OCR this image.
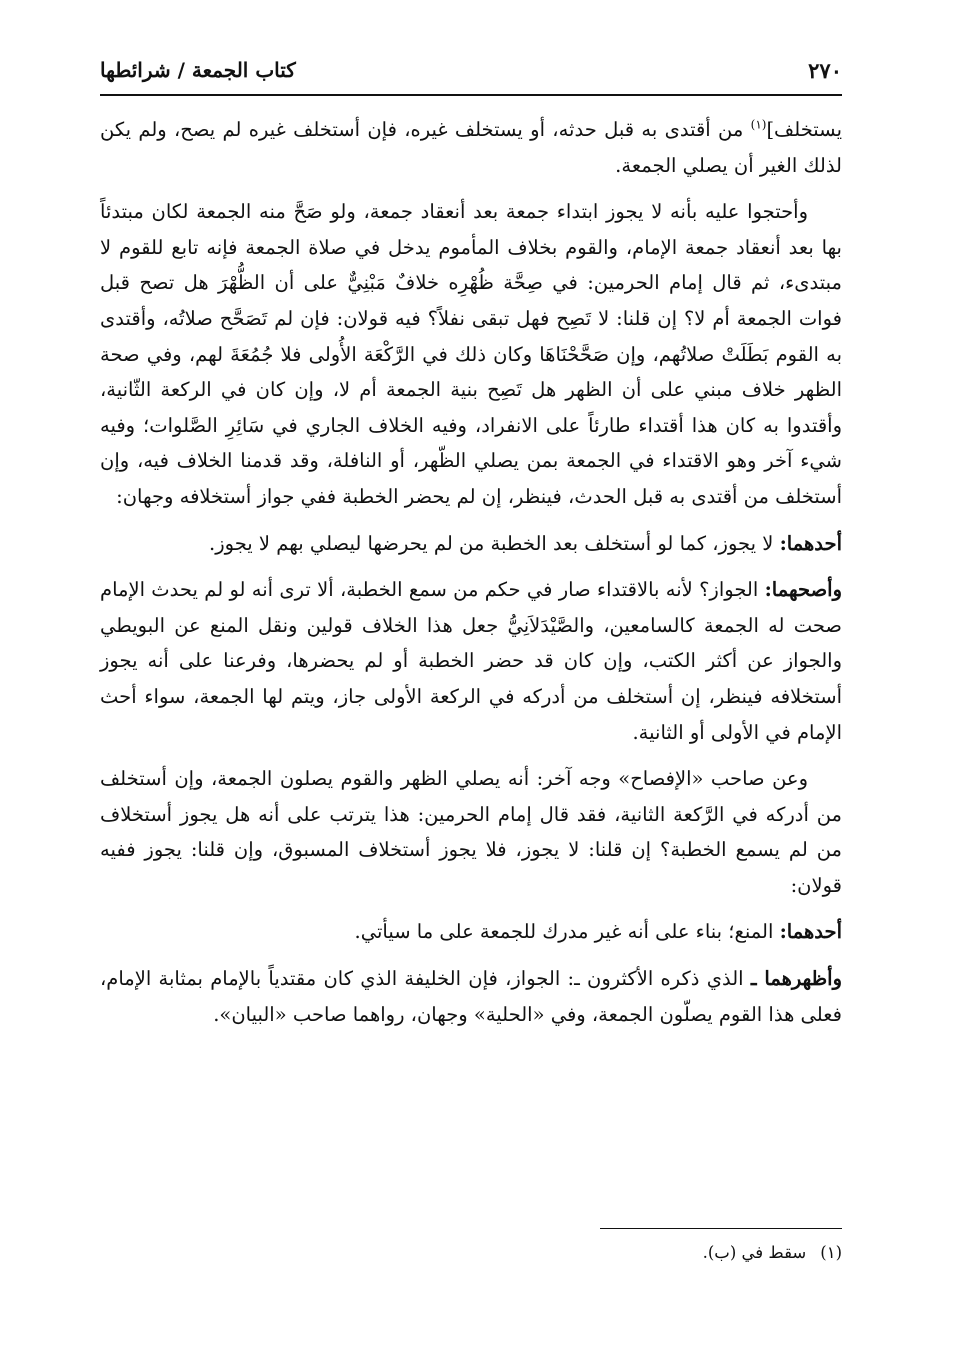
٢٧٠
كتاب الجمعة / شرائطها

يستخلف]$^{(١)}$ من أقتدى به قبل حدثه، أو يستخلف غيره، فإن أستخلف غيره لم يصح، ولم يكن لذلك الغير أن يصلي الجمعة.

وأحتجوا عليه بأنه لا يجوز ابتداء جمعة بعد أنعقاد جمعة، ولو صَحَّ منه الجمعة لكان مبتدئاً بها بعد أنعقاد جمعة الإمام، والقوم بخلاف المأموم يدخل في صلاة الجمعة فإنه تابع للقوم لا مبتدىء، ثم قال إمام الحرمين: في صِحَّة ظُهْرِه خلافٌ مَبْنِيٌّ على أن الظُّهْرَ هل تصح قبل فوات الجمعة أم لا؟ إن قلنا: لا تَصِح فهل تبقى نفلاً؟ فيه قولان: فإن لم تَصَحَّح صلاتُه، وأقتدى به القوم بَطَلَتْ صلاتُهم، وإن صَحَّحْنَاهَا وكان ذلك في الرَّكْعَة الأُولى فلا جُمُعَةَ لهم، وفي صحة الظهر خلاف مبني على أن الظهر هل تَصِح بنية الجمعة أم لا، وإن كان في الركعة الثّانية، وأقتدوا به كان هذا أقتداء طارئاً على الانفراد، وفيه الخلاف الجاري في سَائِرِ الصَّلوات؛ وفيه شيء آخر وهو الاقتداء في الجمعة بمن يصلي الظّهر، أو النافلة، وقد قدمنا الخلاف فيه، وإن أستخلف من أقتدى به قبل الحدث، فينظر، إن لم يحضر الخطبة ففي جواز أستخلافه وجهان:

أحدهما: لا يجوز، كما لو أستخلف بعد الخطبة من لم يحرضها ليصلي بهم لا يجوز.

وأصحهما: الجواز؟ لأنه بالاقتداء صار في حكم من سمع الخطبة، ألا ترى أنه لو لم يحدث الإمام صحت له الجمعة كالسامعين، والصَّيْدَلاَنِيُّ جعل هذا الخلاف قولين ونقل المنع عن البويطي والجواز عن أكثر الكتب، وإن كان قد حضر الخطبة أو لم يحضرها، وفرعنا على أنه يجوز أستخلافه فينظر، إن أستخلف من أدركه في الركعة الأولى جاز، ويتم لها الجمعة، سواء أحث الإمام في الأولى أو الثانية.

وعن صاحب «الإفصاح» وجه آخر: أنه يصلي الظهر والقوم يصلون الجمعة، وإن أستخلف من أدركه في الرَّكعة الثانية، فقد قال إمام الحرمين: هذا يترتب على أنه هل يجوز أستخلاف من لم يسمع الخطبة؟ إن قلنا: لا يجوز، فلا يجوز أستخلاف المسبوق، وإن قلنا: يجوز ففيه قولان:

أحدهما: المنع؛ بناء على أنه غير مدرك للجمعة على ما سيأتي.

وأظهرهما ـ الذي ذكره الأكثرون ـ: الجواز، فإن الخليفة الذي كان مقتدياً بالإمام بمثابة الإمام، فعلى هذا القوم يصلّون الجمعة، وفي «الحلية» وجهان، رواهما صاحب «البيان».

(١)سقط في (ب).
